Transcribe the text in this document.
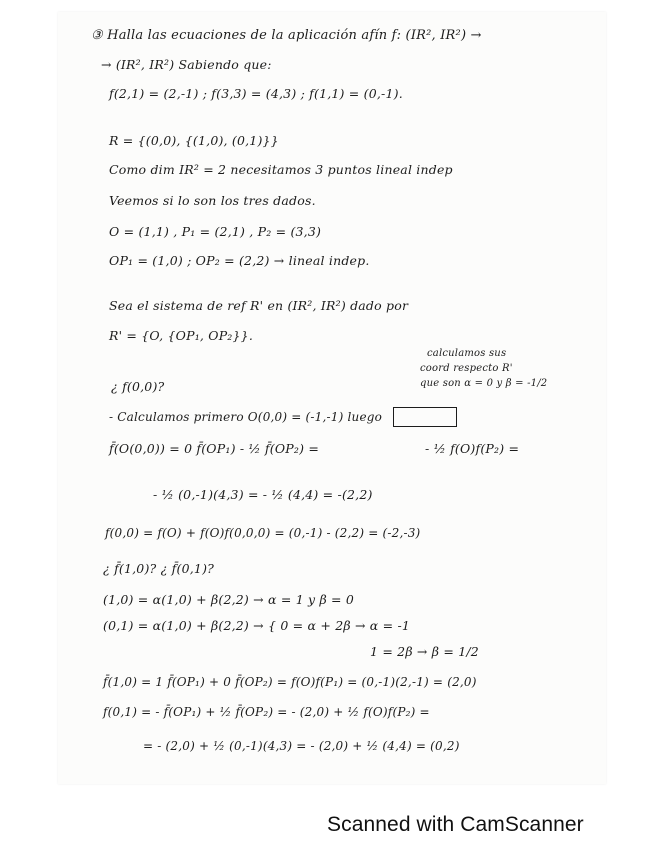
③ Halla las ecuaciones de la aplicación afín f: (IR², IR²) →
→ (IR², IR²) Sabiendo que:
f(2,1) = (2,-1) ; f(3,3) = (4,3) ; f(1,1) = (0,-1).
R = {(0,0), {(1,0), (0,1)}}
Como dim IR² = 2 necesitamos 3 puntos lineal indep
Veemos si lo son los tres dados.
O = (1,1) , P₁ = (2,1) , P₂ = (3,3)
OP₁ = (1,0) ; OP₂ = (2,2) → lineal indep.
Sea el sistema de ref R' en (IR², IR²) dado por
R' = {O, {OP₁, OP₂}}.
calculamos sus
coord respecto R'
que son α = 0 y β = -1/2
¿ f(0,0)?
- Calculamos primero O(0,0) = (-1,-1) luego
f̄(O(0,0)) = 0 f̄(OP₁) - ½ f̄(OP₂) =	- ½ f(O)f(P₂) =
- ½ (0,-1)(4,3) = - ½ (4,4) = -(2,2)
f(0,0) = f(O) + f(O)f(0,0,0) = (0,-1) - (2,2) = (-2,-3)
¿ f̄(1,0)? ¿ f̄(0,1)?
(1,0) = α(1,0) + β(2,2) → α = 1 y β = 0
(0,1) = α(1,0) + β(2,2) → { 0 = α + 2β → α = -1
1 = 2β → β = 1/2
f̄(1,0) = 1 f̄(OP₁) + 0 f̄(OP₂) = f(O)f(P₁) = (0,-1)(2,-1) = (2,0)
f(0,1) = - f̄(OP₁) + ½ f̄(OP₂) = - (2,0) + ½ f(O)f(P₂) =
= - (2,0) + ½ (0,-1)(4,3) = - (2,0) + ½ (4,4) = (0,2)
Scanned with CamScanner
